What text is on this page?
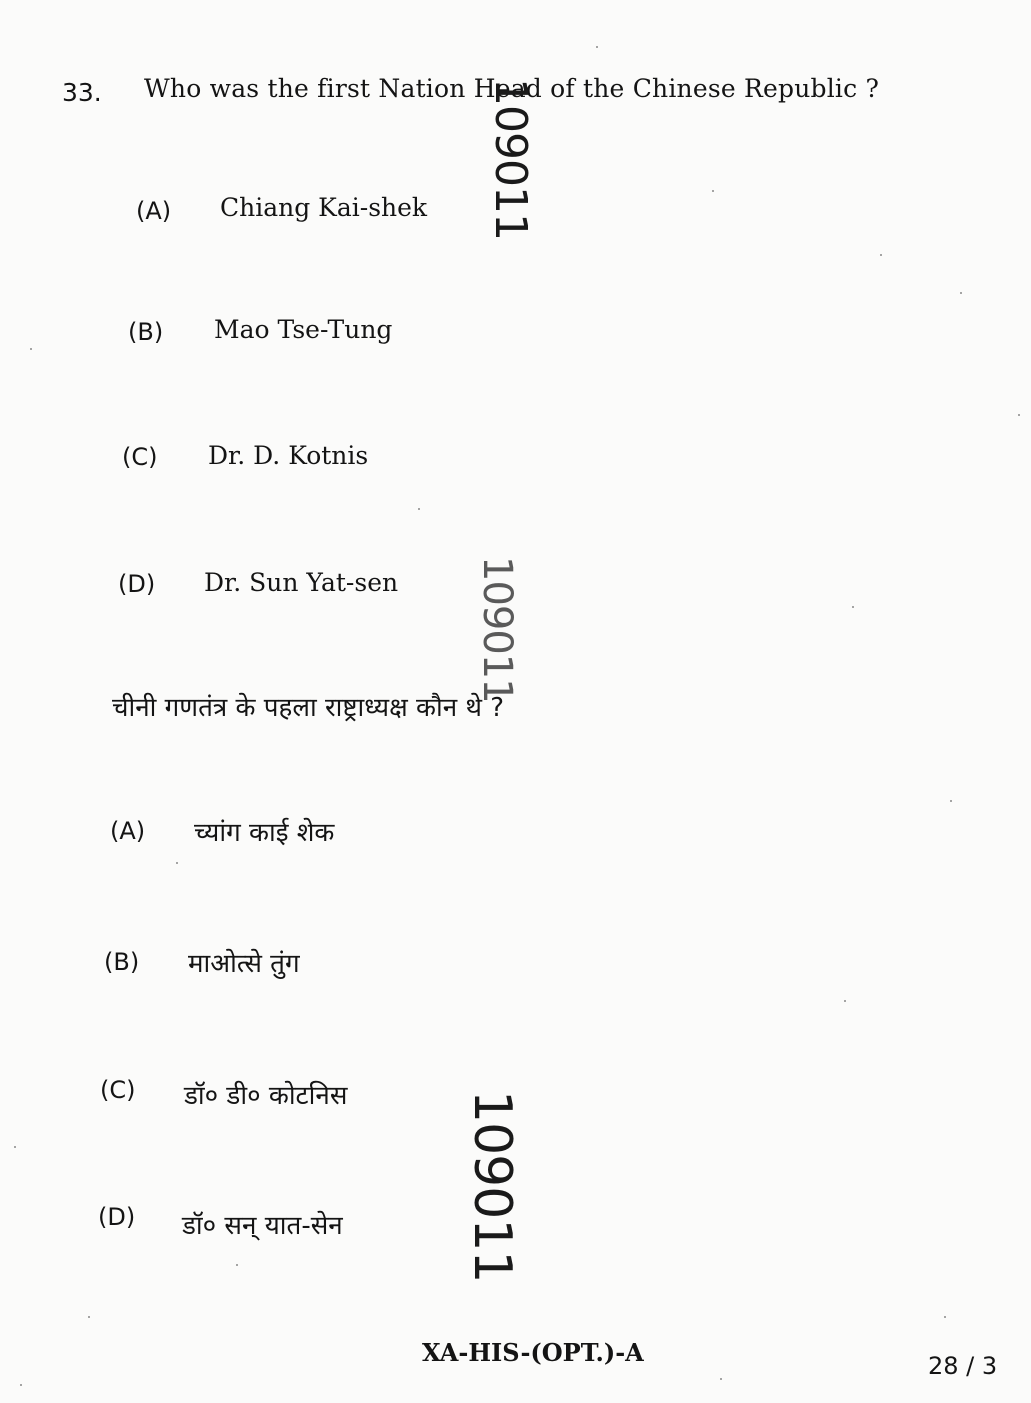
33. Who was the first Nation Head of the Chinese Republic ?
(A) Chiang Kai-shek
(B) Mao Tse-Tung
(C) Dr. D. Kotnis
(D) Dr. Sun Yat-sen
चीनी गणतंत्र के पहला राष्ट्राध्यक्ष कौन थे ?
(A) च्यांग काई शेक
(B) माओत्से तुंग
(C) डॉ० डी० कोटनिस
(D) डॉ० सन् यात-सेन
109011
109011
109011
XA-HIS-(OPT.)-A	28 / 3
